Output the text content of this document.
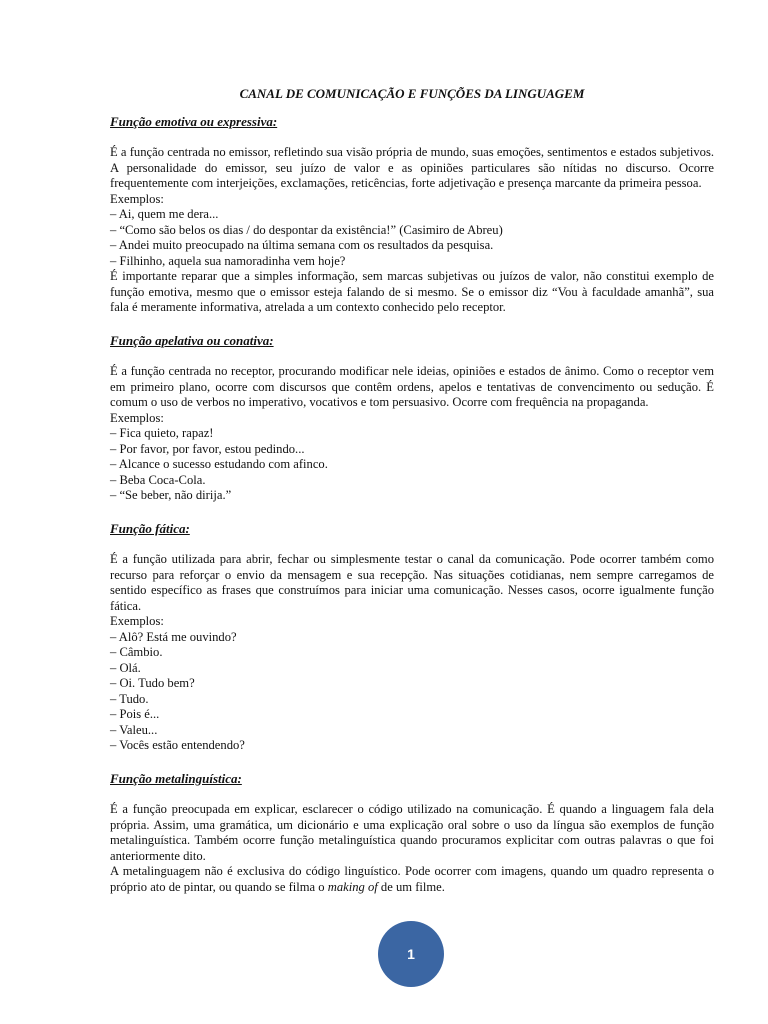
CANAL DE COMUNICAÇÃO E FUNÇÕES DA LINGUAGEM

Função emotiva ou expressiva:

É a função centrada no emissor, refletindo sua visão própria de mundo, suas emoções, sentimentos e estados subjetivos. A personalidade do emissor, seu juízo de valor e as opiniões particulares são nítidas no discurso. Ocorre frequentemente com interjeições, exclamações, reticências, forte adjetivação e presença marcante da primeira pessoa.

Exemplos:

– Ai, quem me dera...

– “Como são belos os dias / do despontar da existência!” (Casimiro de Abreu)

– Andei muito preocupado na última semana com os resultados da pesquisa.

– Filhinho, aquela sua namoradinha vem hoje?

É importante reparar que a simples informação, sem marcas subjetivas ou juízos de valor, não constitui exemplo de função emotiva, mesmo que o emissor esteja falando de si mesmo. Se o emissor diz “Vou à faculdade amanhã”, sua fala é meramente informativa, atrelada a um contexto conhecido pelo receptor.

Função apelativa ou conativa:

É a função centrada no receptor, procurando modificar nele ideias, opiniões e estados de ânimo. Como o receptor vem em primeiro plano, ocorre com discursos que contêm ordens, apelos e tentativas de convencimento ou sedução. É comum o uso de verbos no imperativo, vocativos e tom persuasivo. Ocorre com frequência na propaganda.

Exemplos:

– Fica quieto, rapaz!

– Por favor, por favor, estou pedindo...

– Alcance o sucesso estudando com afinco.

– Beba Coca-Cola.

– “Se beber, não dirija.”

Função fática:

É a função utilizada para abrir, fechar ou simplesmente testar o canal da comunicação. Pode ocorrer também como recurso para reforçar o envio da mensagem e sua recepção. Nas situações cotidianas, nem sempre carregamos de sentido específico as frases que construímos para iniciar uma comunicação. Nesses casos, ocorre igualmente função fática.

Exemplos:

– Alô? Está me ouvindo?

– Câmbio.

– Olá.

– Oi. Tudo bem?

– Tudo.

– Pois é...

– Valeu...

– Vocês estão entendendo?

Função metalinguística:

É a função preocupada em explicar, esclarecer o código utilizado na comunicação. É quando a linguagem fala dela própria. Assim, uma gramática, um dicionário e uma explicação oral sobre o uso da língua são exemplos de função metalinguística. Também ocorre função metalinguística quando procuramos explicitar com outras palavras o que foi anteriormente dito.

A metalinguagem não é exclusiva do código linguístico. Pode ocorrer com imagens, quando um quadro representa o próprio ato de pintar, ou quando se filma o making of de um filme.

1
